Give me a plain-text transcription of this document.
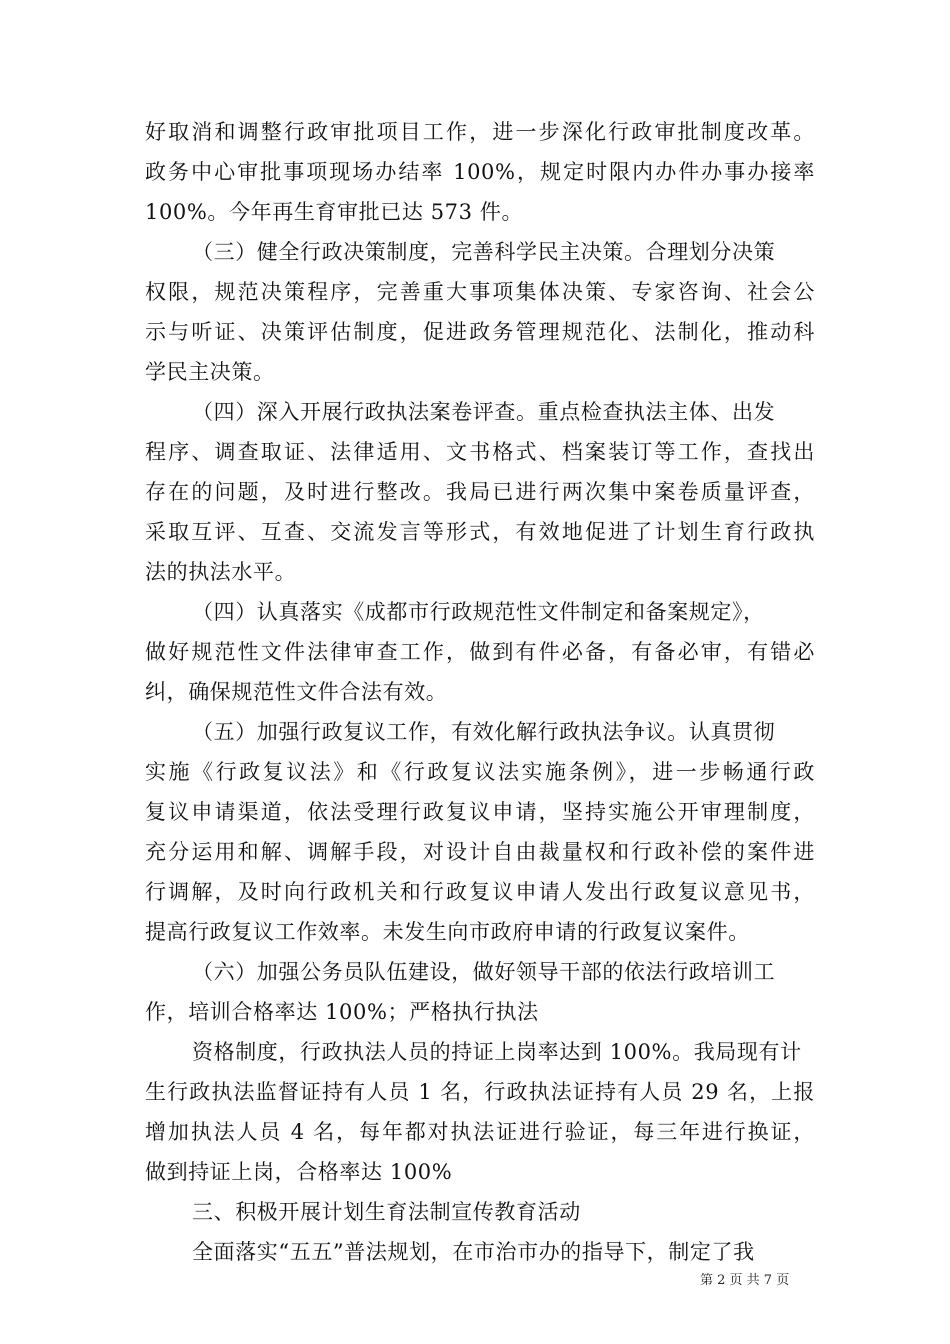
好取消和调整行政审批项目工作，进一步深化行政审批制度改革。
政务中心审批事项现场办结率 100%，规定时限内办件办事办接率
100%。今年再生育审批已达 573 件。
（三）健全行政决策制度，完善科学民主决策。合理划分决策
权限，规范决策程序，完善重大事项集体决策、专家咨询、社会公
示与听证、决策评估制度，促进政务管理规范化、法制化，推动科
学民主决策。
（四）深入开展行政执法案卷评查。重点检查执法主体、出发
程序、调查取证、法律适用、文书格式、档案装订等工作，查找出
存在的问题，及时进行整改。我局已进行两次集中案卷质量评查，
采取互评、互查、交流发言等形式，有效地促进了计划生育行政执
法的执法水平。
（四）认真落实《成都市行政规范性文件制定和备案规定》，
做好规范性文件法律审查工作，做到有件必备，有备必审，有错必
纠，确保规范性文件合法有效。
（五）加强行政复议工作，有效化解行政执法争议。认真贯彻
实施《行政复议法》和《行政复议法实施条例》，进一步畅通行政
复议申请渠道，依法受理行政复议申请，坚持实施公开审理制度，
充分运用和解、调解手段，对设计自由裁量权和行政补偿的案件进
行调解，及时向行政机关和行政复议申请人发出行政复议意见书，
提高行政复议工作效率。未发生向市政府申请的行政复议案件。
（六）加强公务员队伍建设，做好领导干部的依法行政培训工
作，培训合格率达 100%；严格执行执法
资格制度，行政执法人员的持证上岗率达到 100%。我局现有计
生行政执法监督证持有人员 1 名，行政执法证持有人员 29 名，上报
增加执法人员 4 名，每年都对执法证进行验证，每三年进行换证，
做到持证上岗，合格率达 100%
三、积极开展计划生育法制宣传教育活动
全面落实“五五”普法规划，在市治市办的指导下，制定了我
第 2 页 共 7 页
